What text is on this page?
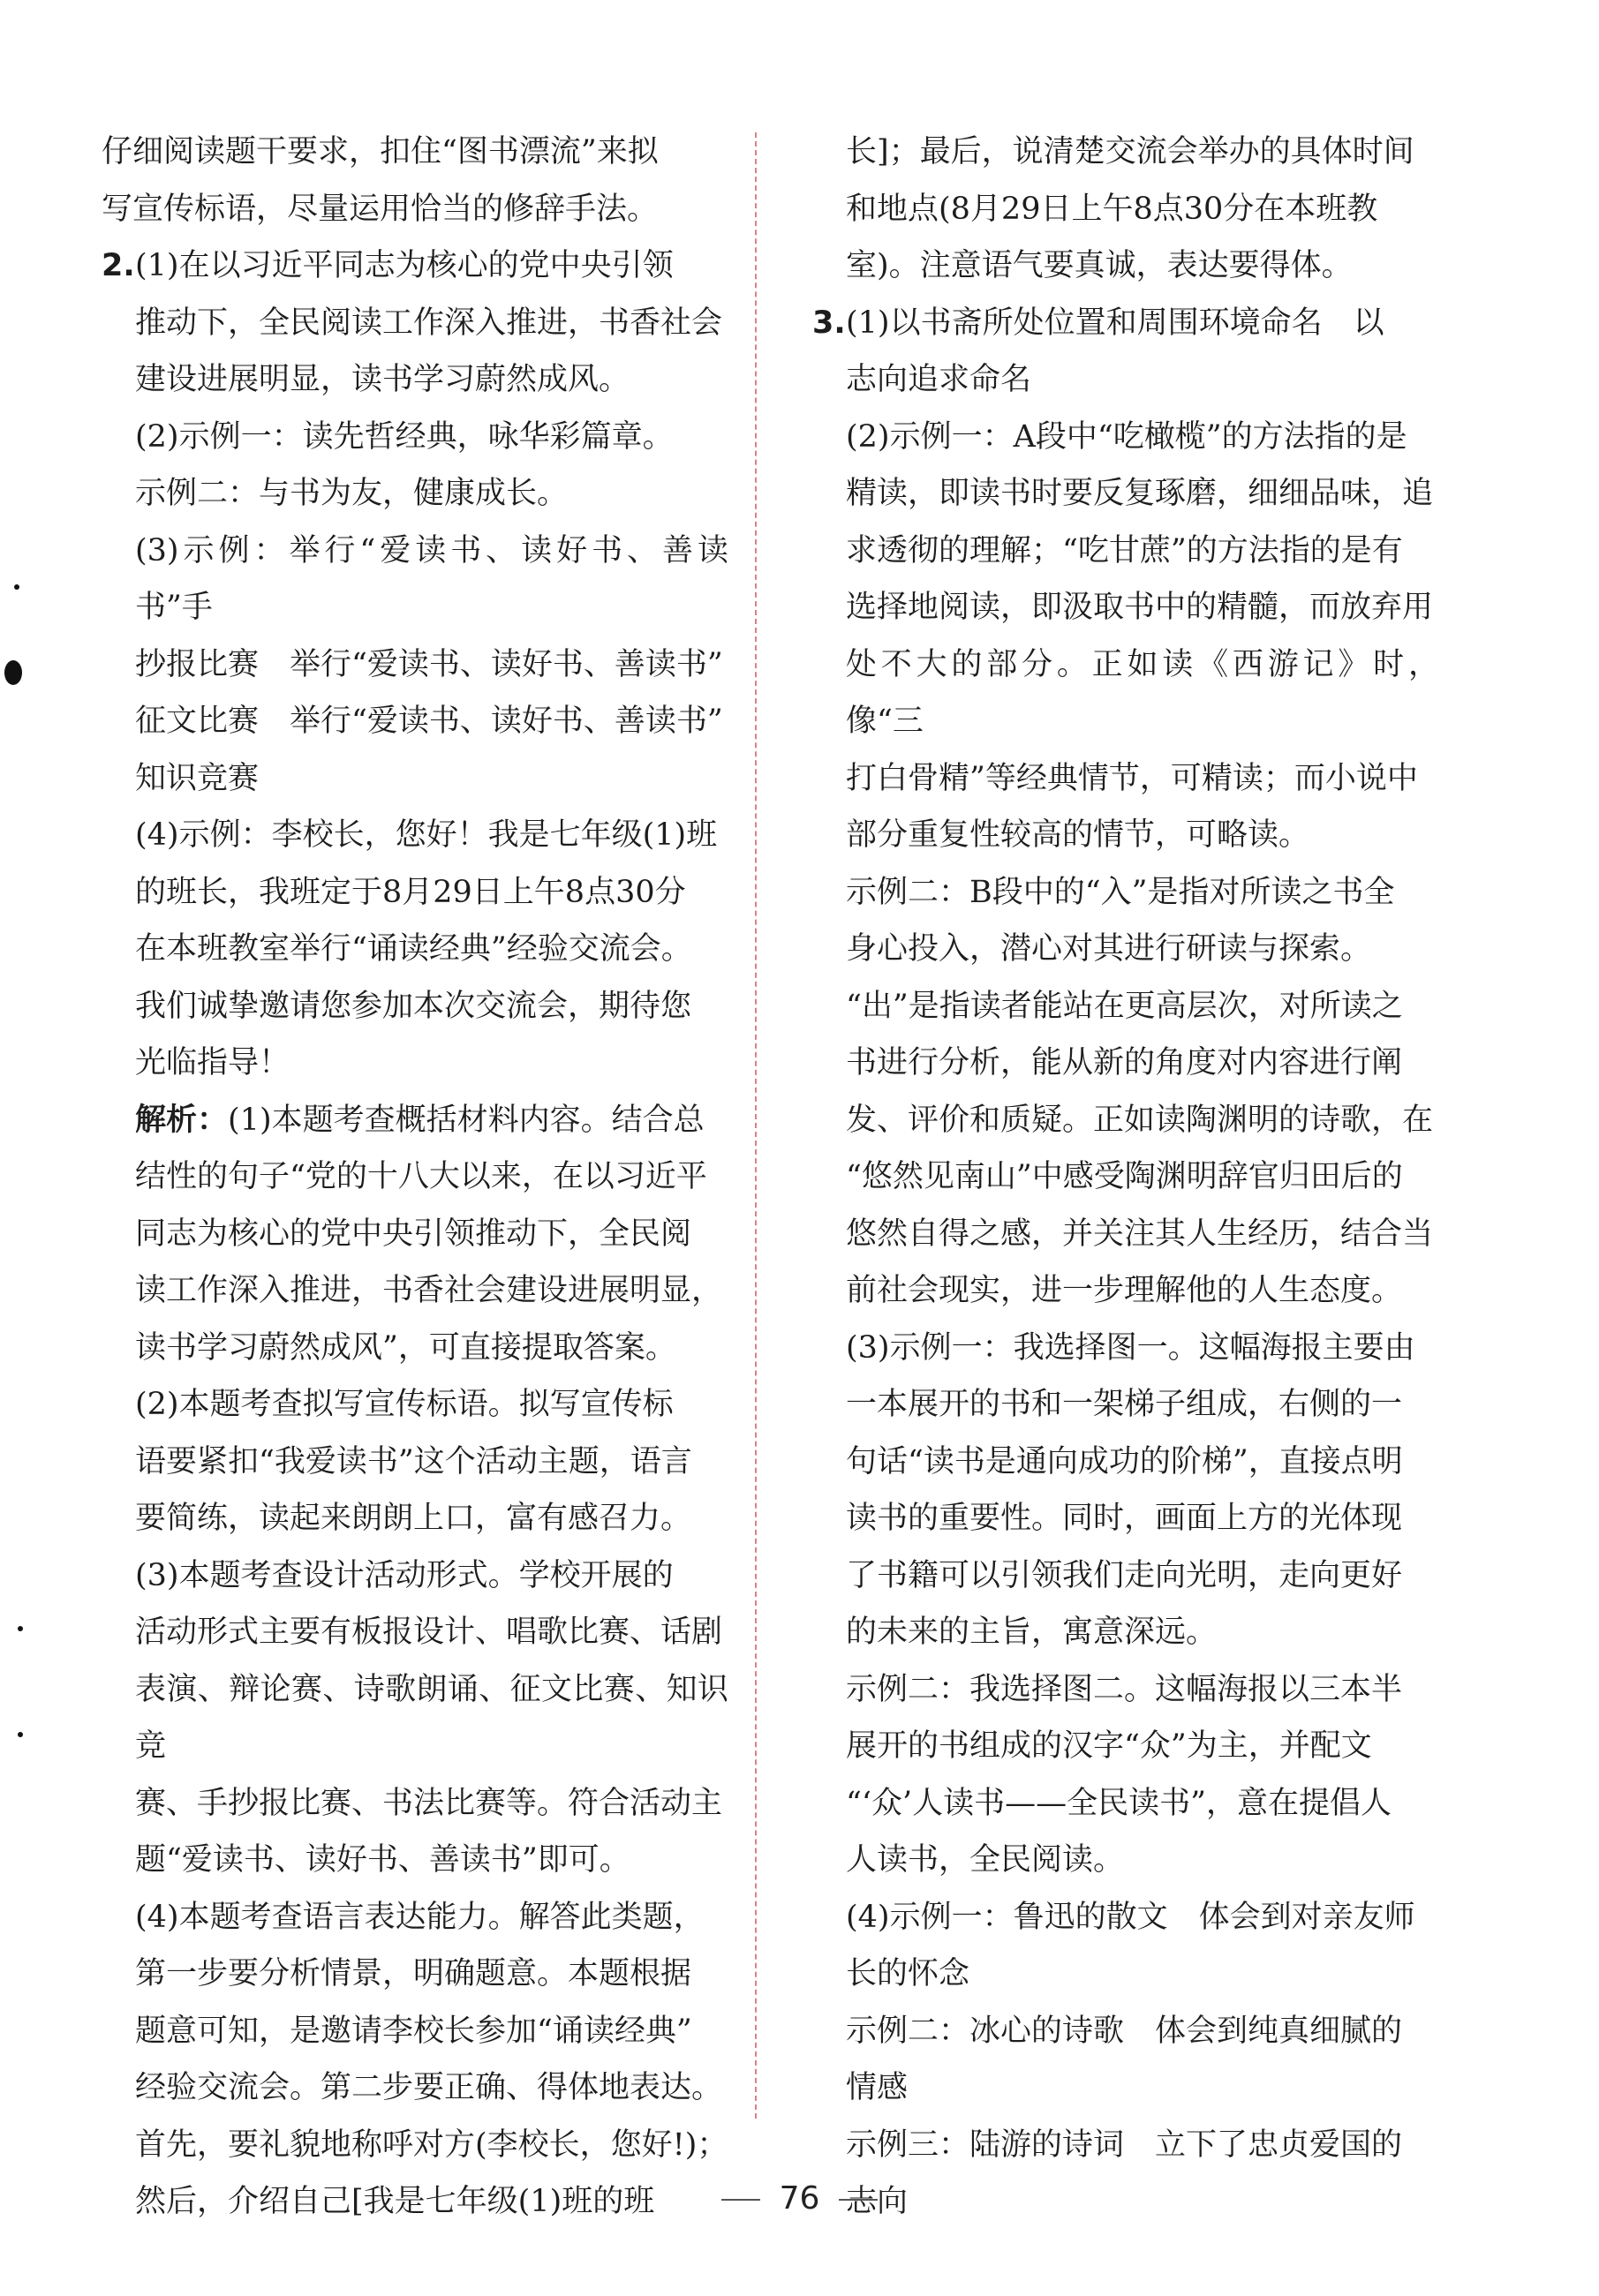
仔细阅读题干要求，扣住“图书漂流”来拟

写宣传标语，尽量运用恰当的修辞手法。

2.(1)在以习近平同志为核心的党中央引领

推动下，全民阅读工作深入推进，书香社会

建设进展明显，读书学习蔚然成风。

(2)示例一：读先哲经典，咏华彩篇章。

示例二：与书为友，健康成长。

(3)示例：举行“爱读书、读好书、善读书”手

抄报比赛　举行“爱读书、读好书、善读书”

征文比赛　举行“爱读书、读好书、善读书”

知识竞赛

(4)示例：李校长，您好！我是七年级(1)班

的班长，我班定于8月29日上午8点30分

在本班教室举行“诵读经典”经验交流会。

我们诚挚邀请您参加本次交流会，期待您

光临指导！

解析：(1)本题考查概括材料内容。结合总

结性的句子“党的十八大以来，在以习近平

同志为核心的党中央引领推动下，全民阅

读工作深入推进，书香社会建设进展明显，

读书学习蔚然成风”，可直接提取答案。

(2)本题考查拟写宣传标语。拟写宣传标

语要紧扣“我爱读书”这个活动主题，语言

要简练，读起来朗朗上口，富有感召力。

(3)本题考查设计活动形式。学校开展的

活动形式主要有板报设计、唱歌比赛、话剧

表演、辩论赛、诗歌朗诵、征文比赛、知识竞

赛、手抄报比赛、书法比赛等。符合活动主

题“爱读书、读好书、善读书”即可。

(4)本题考查语言表达能力。解答此类题，

第一步要分析情景，明确题意。本题根据

题意可知，是邀请李校长参加“诵读经典”

经验交流会。第二步要正确、得体地表达。

首先，要礼貌地称呼对方(李校长，您好!)；

然后，介绍自己[我是七年级(1)班的班

长]；最后，说清楚交流会举办的具体时间

和地点(8月29日上午8点30分在本班教

室)。注意语气要真诚，表达要得体。

3.(1)以书斋所处位置和周围环境命名　以

志向追求命名

(2)示例一：A段中“吃橄榄”的方法指的是

精读，即读书时要反复琢磨，细细品味，追

求透彻的理解；“吃甘蔗”的方法指的是有

选择地阅读，即汲取书中的精髓，而放弃用

处不大的部分。正如读《西游记》时，像“三

打白骨精”等经典情节，可精读；而小说中

部分重复性较高的情节，可略读。

示例二：B段中的“入”是指对所读之书全

身心投入，潜心对其进行研读与探索。

“出”是指读者能站在更高层次，对所读之

书进行分析，能从新的角度对内容进行阐

发、评价和质疑。正如读陶渊明的诗歌，在

“悠然见南山”中感受陶渊明辞官归田后的

悠然自得之感，并关注其人生经历，结合当

前社会现实，进一步理解他的人生态度。

(3)示例一：我选择图一。这幅海报主要由

一本展开的书和一架梯子组成，右侧的一

句话“读书是通向成功的阶梯”，直接点明

读书的重要性。同时，画面上方的光体现

了书籍可以引领我们走向光明，走向更好

的未来的主旨，寓意深远。

示例二：我选择图二。这幅海报以三本半

展开的书组成的汉字“众”为主，并配文

“‘众’人读书——全民读书”，意在提倡人

人读书，全民阅读。

(4)示例一：鲁迅的散文　体会到对亲友师

长的怀念

示例二：冰心的诗歌　体会到纯真细腻的

情感

示例三：陆游的诗词　立下了忠贞爱国的

志向

76
